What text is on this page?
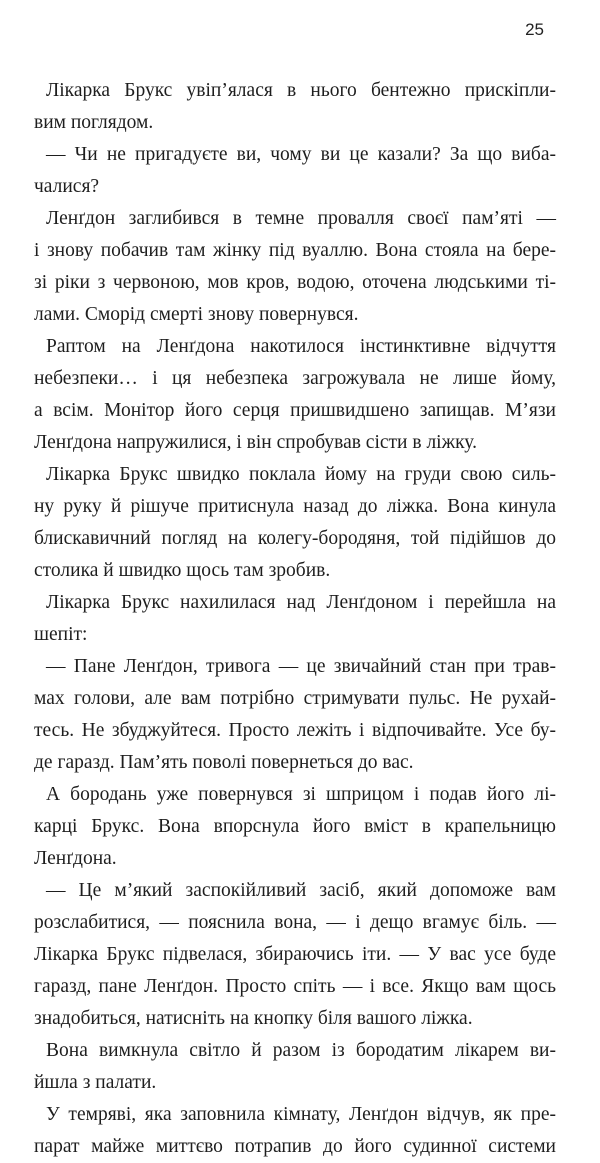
25
Лікарка Брукс увіп’ялася в нього бентежно прискіпли-
вим поглядом.
— Чи не пригадуєте ви, чому ви це казали? За що виба-
чалися?
Ленґдон заглибився в темне провалля своєї пам’яті —
і знову побачив там жінку під вуаллю. Вона стояла на бере-
зі ріки з червоною, мов кров, водою, оточена людськими ті-
лами. Сморід смерті знову повернувся.
Раптом на Ленґдона накотилося інстинктивне відчуття
небезпеки… і ця небезпека загрожувала не лише йому,
а всім. Монітор його серця пришвидшено запищав. М’язи
Ленґдона напружилися, і він спробував сісти в ліжку.
Лікарка Брукс швидко поклала йому на груди свою силь-
ну руку й рішуче притиснула назад до ліжка. Вона кинула
блискавичний погляд на колегу-бородяня, той підійшов до
столика й швидко щось там зробив.
Лікарка Брукс нахилилася над Ленґдоном і перейшла на
шепіт:
— Пане Ленґдон, тривога — це звичайний стан при трав-
мах голови, але вам потрібно стримувати пульс. Не рухай-
тесь. Не збуджуйтеся. Просто лежіть і відпочивайте. Усе бу-
де гаразд. Пам’ять поволі повернеться до вас.
А бородань уже повернувся зі шприцом і подав його лі-
карці Брукс. Вона впорснула його вміст в крапельницю
Ленґдона.
— Це м’який заспокійливий засіб, який допоможе вам
розслабитися, — пояснила вона, — і дещо вгамує біль. —
Лікарка Брукс підвелася, збираючись іти. — У вас усе буде
гаразд, пане Ленґдон. Просто спіть — і все. Якщо вам щось
знадобиться, натисніть на кнопку біля вашого ліжка.
Вона вимкнула світло й разом із бородатим лікарем ви-
йшла з палати.
У темряві, яка заповнила кімнату, Ленґдон відчув, як пре-
парат майже миттєво потрапив до його судинної системи
